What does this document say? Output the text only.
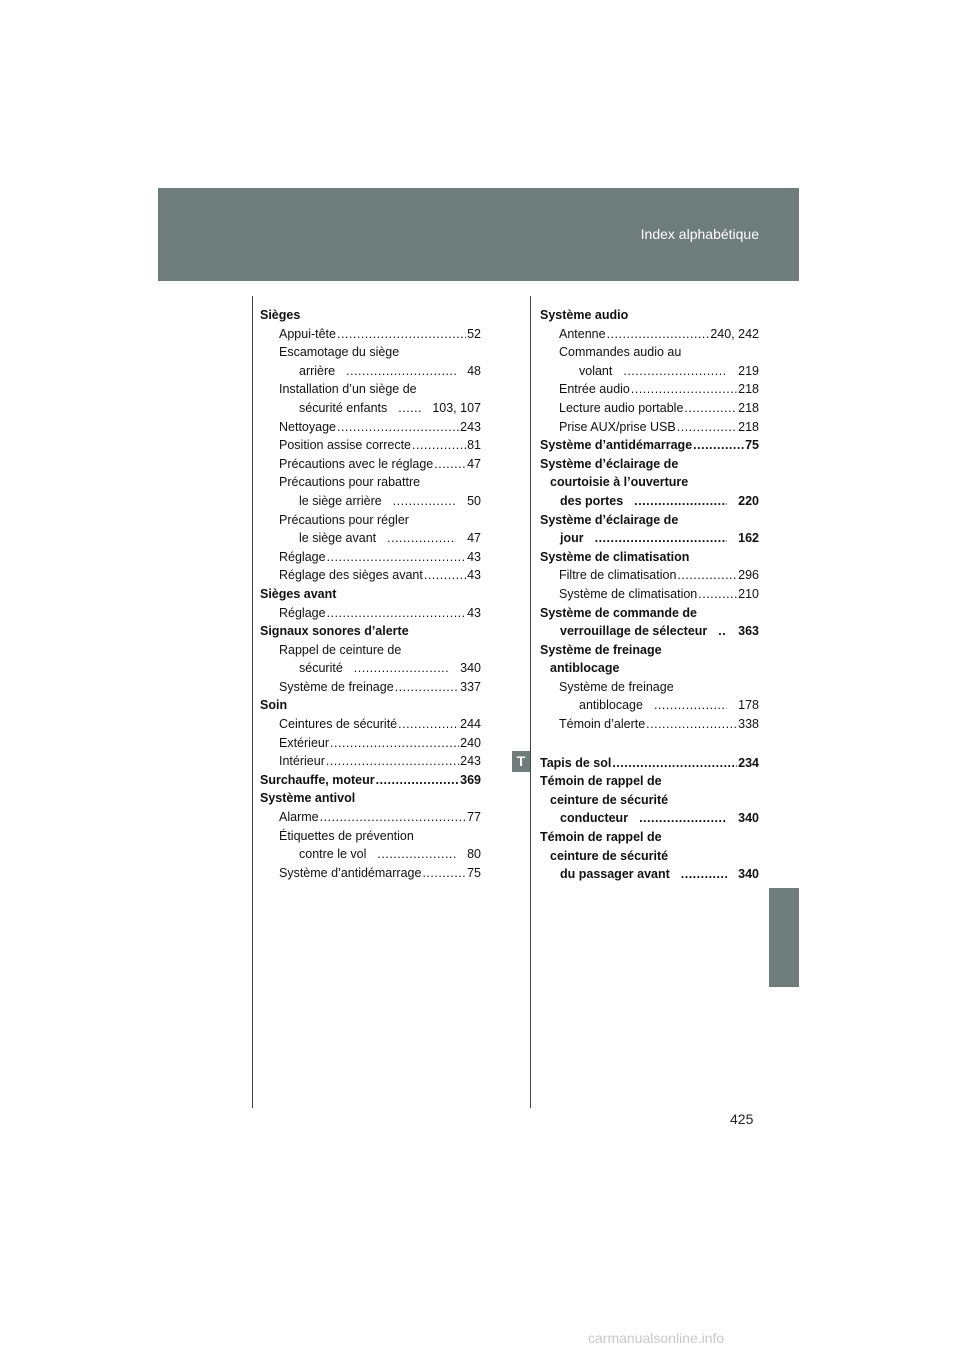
Index alphabétique
Sièges
Appui-tête .....	52
Escamotage du siège
arrière .....	48
Installation d’un siège de
sécurité enfants .....	103, 107
Nettoyage .....	243
Position assise correcte .....	81
Précautions avec le réglage .....	47
Précautions pour rabattre
le siège arrière .....	50
Précautions pour régler
le siège avant .....	47
Réglage .....	43
Réglage des sièges avant .....	43
Sièges avant
Réglage .....	43
Signaux sonores d’alerte
Rappel de ceinture de
sécurité .....	340
Système de freinage .....	337
Soin
Ceintures de sécurité .....	244
Extérieur .....	240
Intérieur .....	243
Surchauffe, moteur .....	369
Système antivol
Alarme .....	77
Étiquettes de prévention
contre le vol .....	80
Système d’antidémarrage .....	75
Système audio
Antenne .....	240, 242
Commandes audio au
volant .....	219
Entrée audio .....	218
Lecture audio portable .....	218
Prise AUX/prise USB .....	218
Système d’antidémarrage .....	75
Système d’éclairage de
courtoisie à l’ouverture
des portes .....	220
Système d’éclairage de
jour .....	162
Système de climatisation
Filtre de climatisation .....	296
Système de climatisation .....	210
Système de commande de
verrouillage de sélecteur .....	363
Système de freinage
antiblocage
Système de freinage
antiblocage .....	178
Témoin d’alerte .....	338
Tapis de sol .....	234
Témoin de rappel de
ceinture de sécurité
conducteur .....	340
Témoin de rappel de
ceinture de sécurité
du passager avant .....	340
T
425
carmanualsonline.info
